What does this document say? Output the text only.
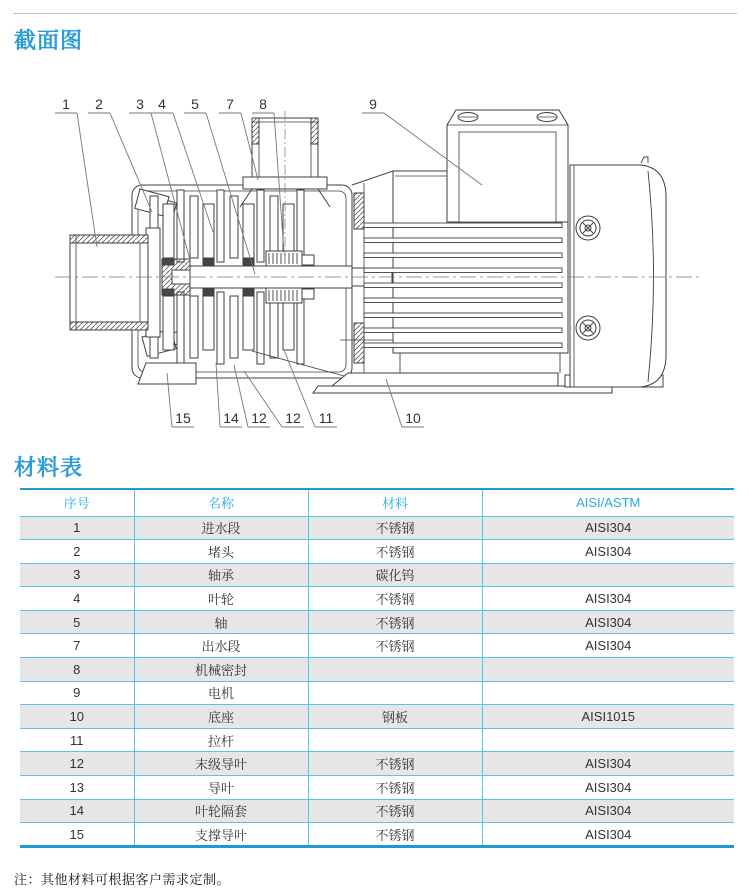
截面图
1 2 3 4 5 7 8	9
15 14 12 12 11	10
材料表
序号	名称	材料	AISI/ASTM
1	进水段	不锈钢	AISI304
2	堵头	不锈钢	AISI304
3	轴承	碳化钨	
4	叶轮	不锈钢	AISI304
5	轴	不锈钢	AISI304
7	出水段	不锈钢	AISI304
8	机械密封		
9	电机		
10	底座	钢板	AISI1015
11	拉杆		
12	末级导叶	不锈钢	AISI304
13	导叶	不锈钢	AISI304
14	叶轮隔套	不锈钢	AISI304
15	支撑导叶	不锈钢	AISI304
注：其他材料可根据客户需求定制。
